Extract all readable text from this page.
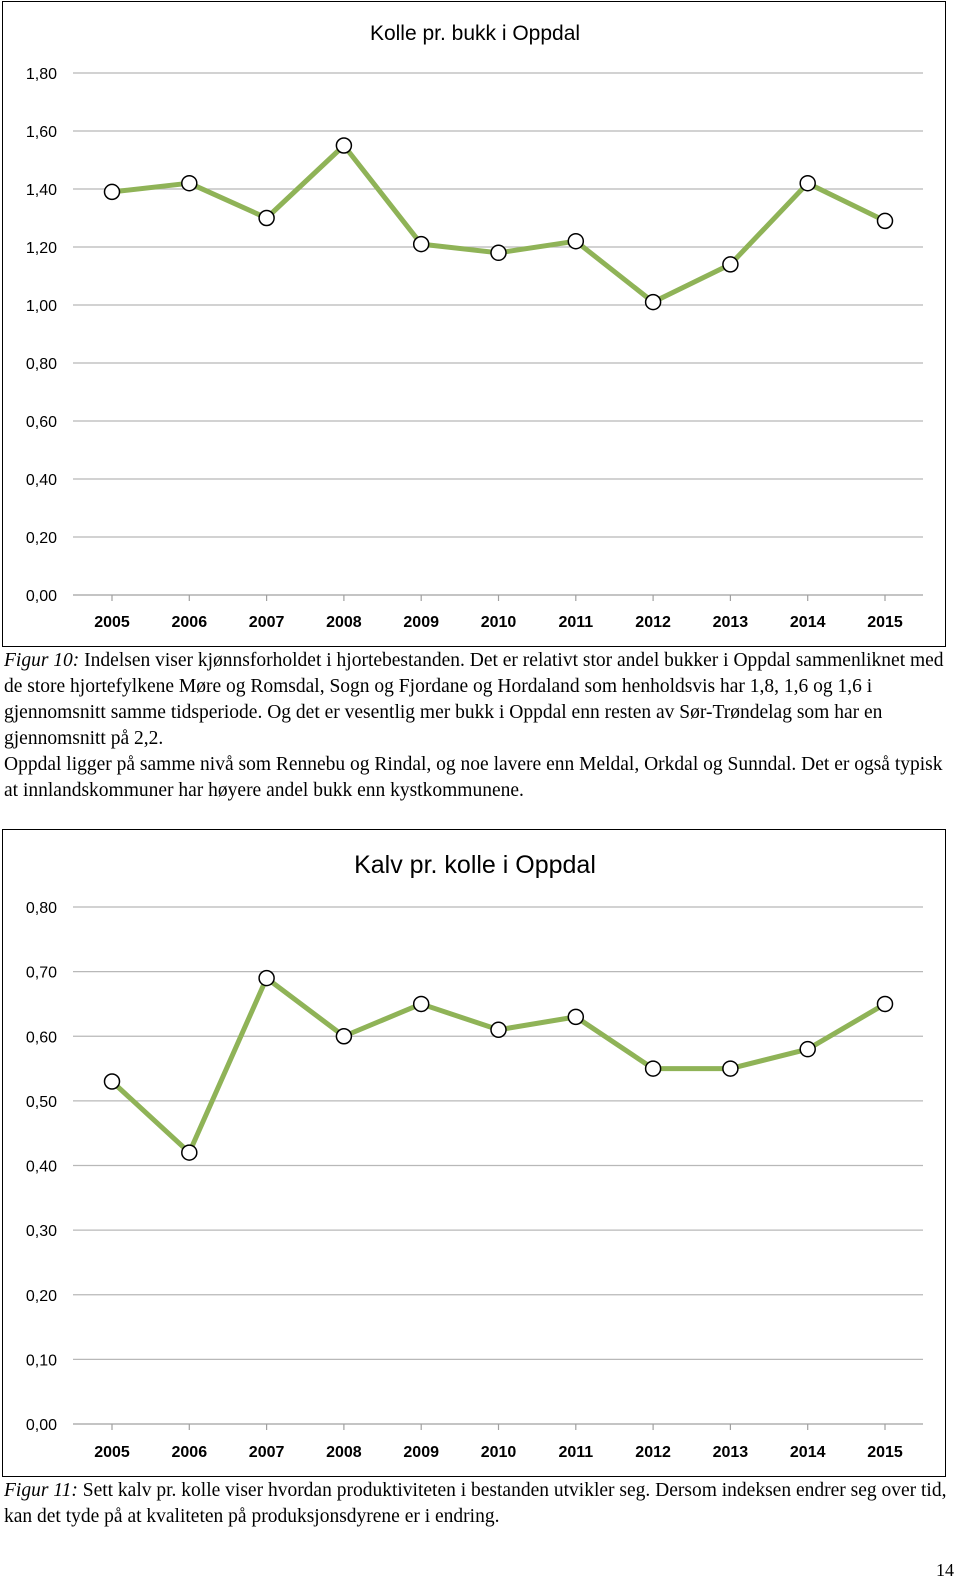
0,00
0,20
0,40
0,60
0,80
1,00
1,20
1,40
1,60
1,80
2005	2006	2007	2008	2009	2010	2011	2012	2013	2014	2015
Kolle pr. bukk i Oppdal

Figur 10: Indelsen viser kjønnsforholdet i hjortebestanden. Det er relativt stor andel bukker i Oppdal sammenliknet med de store hjortefylkene Møre og Romsdal, Sogn og Fjordane og Hordaland som henholdsvis har 1,8, 1,6 og 1,6 i gjennomsnitt samme tidsperiode. Og det er vesentlig mer bukk i Oppdal enn resten av Sør-Trøndelag som har en gjennomsnitt på 2,2.

Oppdal ligger på samme nivå som Rennebu og Rindal, og noe lavere enn Meldal, Orkdal og Sunndal. Det er også typisk at innlandskommuner har høyere andel bukk enn kystkommunene.

0,00
0,10
0,20
0,30
0,40
0,50
0,60
0,70
0,80
2005	2006	2007	2008	2009	2010	2011	2012	2013	2014	2015
Kalv pr. kolle i Oppdal

Figur 11: Sett kalv pr. kolle viser hvordan produktiviteten i bestanden utvikler seg. Dersom indeksen endrer seg over tid, kan det tyde på at kvaliteten på produksjonsdyrene er i endring.

14
